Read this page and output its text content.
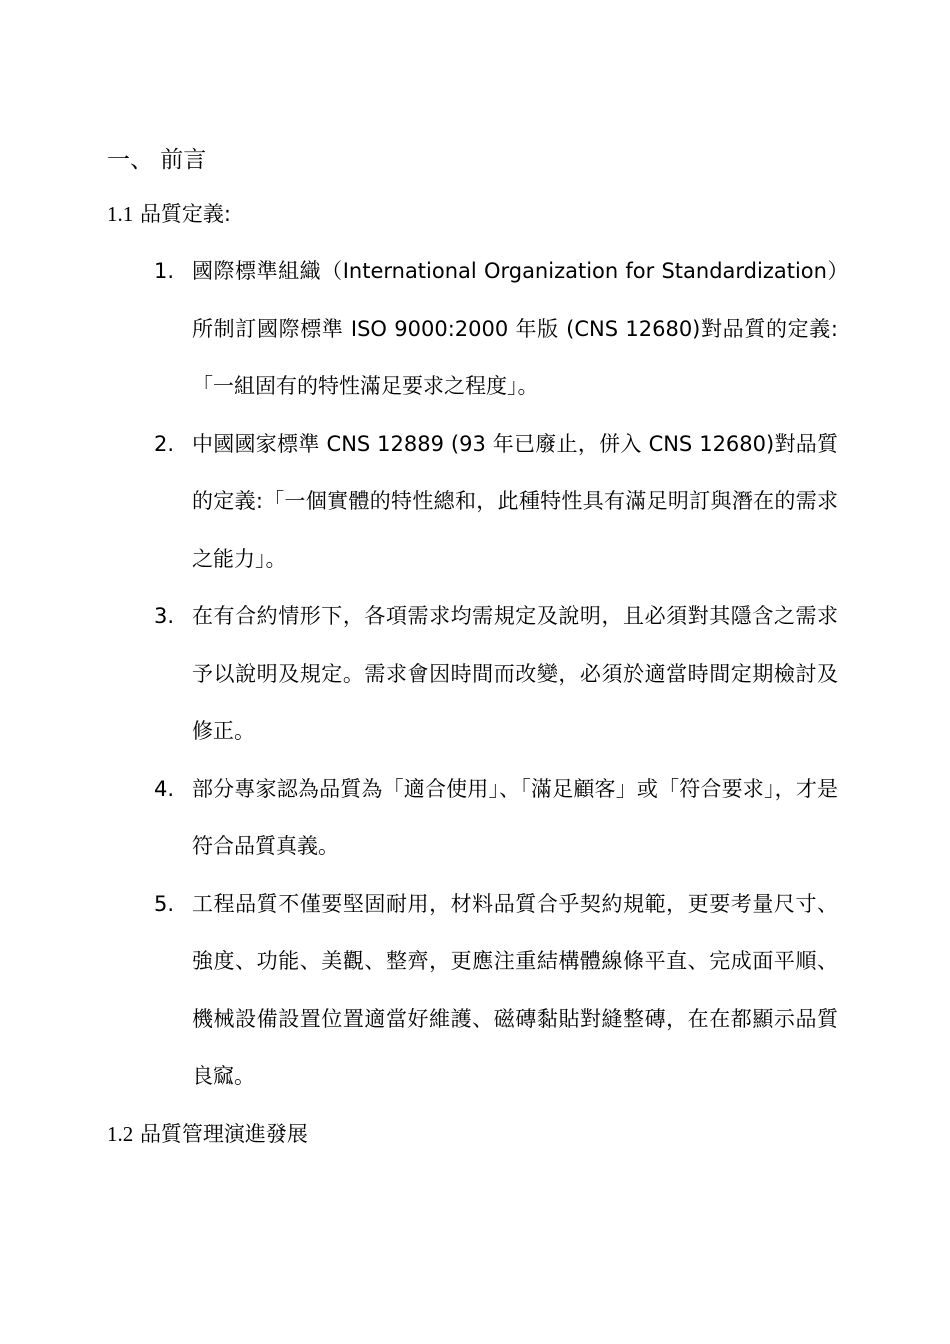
一、 前言
1.1 品質定義:
1. 國際標準組織（International Organization for Standardization）所制訂國際標準 ISO 9000:2000 年版 (CNS 12680)對品質的定義:「一組固有的特性滿足要求之程度」。
2. 中國國家標準 CNS 12889 (93 年已廢止，併入 CNS 12680)對品質的定義:「一個實體的特性總和，此種特性具有滿足明訂與潛在的需求之能力」。
3. 在有合約情形下，各項需求均需規定及說明，且必須對其隱含之需求予以說明及規定。需求會因時間而改變，必須於適當時間定期檢討及修正。
4. 部分專家認為品質為「適合使用」、「滿足顧客」或「符合要求」，才是符合品質真義。
5. 工程品質不僅要堅固耐用，材料品質合乎契約規範，更要考量尺寸、強度、功能、美觀、整齊，更應注重結構體線條平直、完成面平順、機械設備設置位置適當好維護、磁磚黏貼對縫整磚，在在都顯示品質良窳。
1.2 品質管理演進發展
